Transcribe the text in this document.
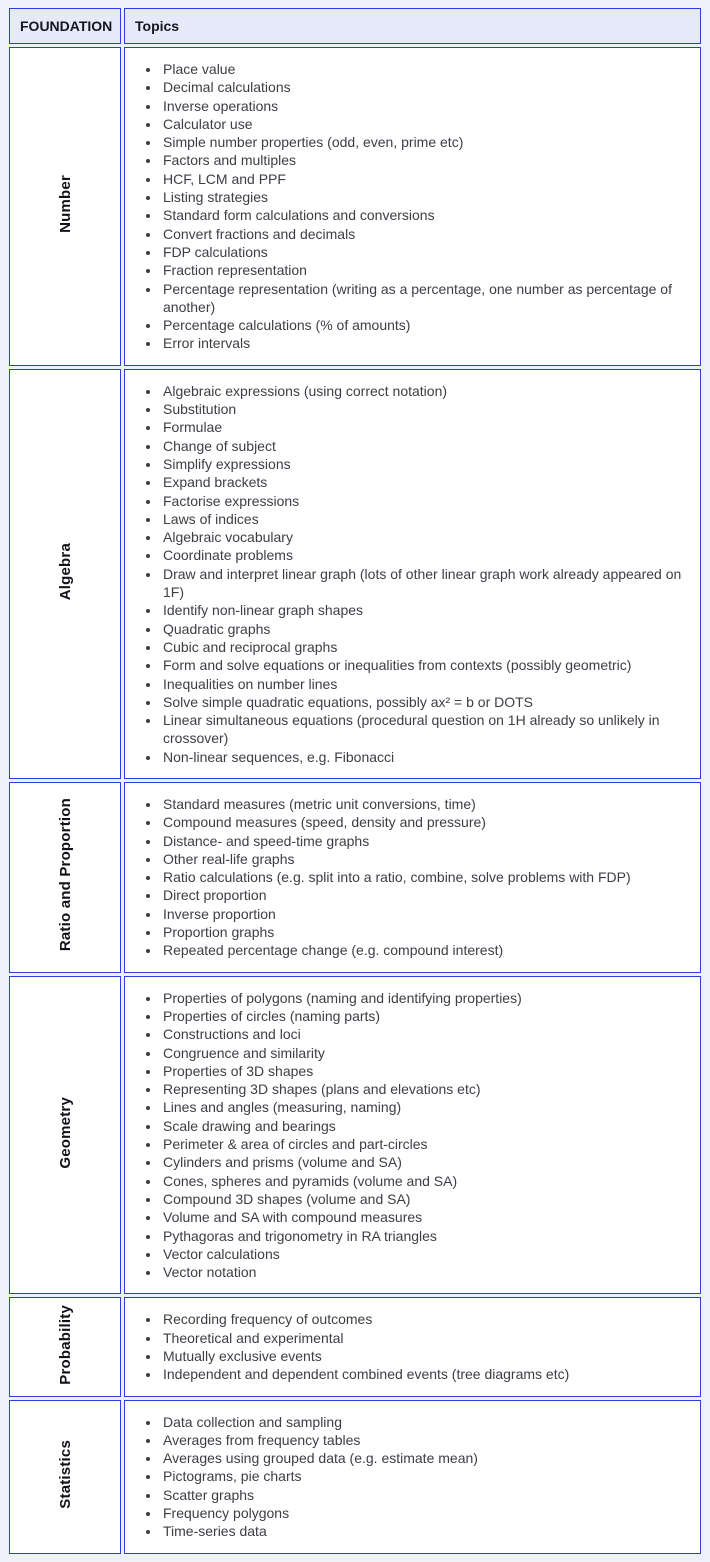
FOUNDATION	Topics
Number	
• Place value
• Decimal calculations
• Inverse operations
• Calculator use
• Simple number properties (odd, even, prime etc)
• Factors and multiples
• HCF, LCM and PPF
• Listing strategies
• Standard form calculations and conversions
• Convert fractions and decimals
• FDP calculations
• Fraction representation
• Percentage representation (writing as a percentage, one number as percentage of another)
• Percentage calculations (% of amounts)
• Error intervals

Algebra	
• Algebraic expressions (using correct notation)
• Substitution
• Formulae
• Change of subject
• Simplify expressions
• Expand brackets
• Factorise expressions
• Laws of indices
• Algebraic vocabulary
• Coordinate problems
• Draw and interpret linear graph (lots of other linear graph work already appeared on 1F)
• Identify non-linear graph shapes
• Quadratic graphs
• Cubic and reciprocal graphs
• Form and solve equations or inequalities from contexts (possibly geometric)
• Inequalities on number lines
• Solve simple quadratic equations, possibly ax² = b or DOTS
• Linear simultaneous equations (procedural question on 1H already so unlikely in crossover)
• Non-linear sequences, e.g. Fibonacci

Ratio and Proportion	
•Standard measures (metric unit conversions, time)
• Compound measures (speed, density and pressure)
• Distance- and speed-time graphs
• Other real-life graphs
• Ratio calculations (e.g. split into a ratio, combine, solve problems with FDP)
• Direct proportion
• Inverse proportion
• Proportion graphs
• Repeated percentage change (e.g. compound interest)

Geometry	
• Properties of polygons (naming and identifying properties)
• Properties of circles (naming parts)
• Constructions and loci
• Congruence and similarity
• Properties of 3D shapes
• Representing 3D shapes (plans and elevations etc)
• Lines and angles (measuring, naming)
• Scale drawing and bearings
• Perimeter & area of circles and part-circles
• Cylinders and prisms (volume and SA)
• Cones, spheres and pyramids (volume and SA)
• Compound 3D shapes (volume and SA)
• Volume and SA with compound measures
• Pythagoras and trigonometry in RA triangles
• Vector calculations
• Vector notation

Probability	
•Recording frequency of outcomes
• Theoretical and experimental
• Mutually exclusive events
• Independent and dependent combined events (tree diagrams etc)

Statistics	
• Data collection and sampling
• Averages from frequency tables
• Averages using grouped data (e.g. estimate mean)
• Pictograms, pie charts
• Scatter graphs
• Frequency polygons
• Time-series data
